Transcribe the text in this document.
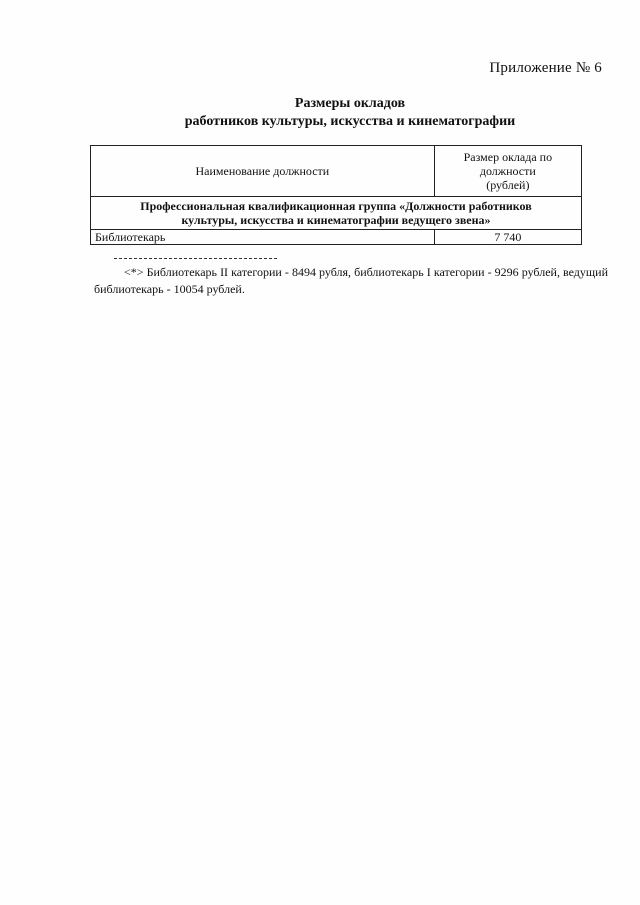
Приложение № 6
Размеры окладов
работников культуры, искусства и кинематографии
Наименование должности	Размер оклада по
должности
(рублей)

Профессиональная квалификационная группа «Должности работников
культуры, искусства и кинематографии ведущего звена»	

Библиотекарь	7 740
<*> Библиотекарь II категории - 8494 рубля, библиотекарь I категории - 9296 рублей, ведущий библиотекарь - 10054 рублей.
